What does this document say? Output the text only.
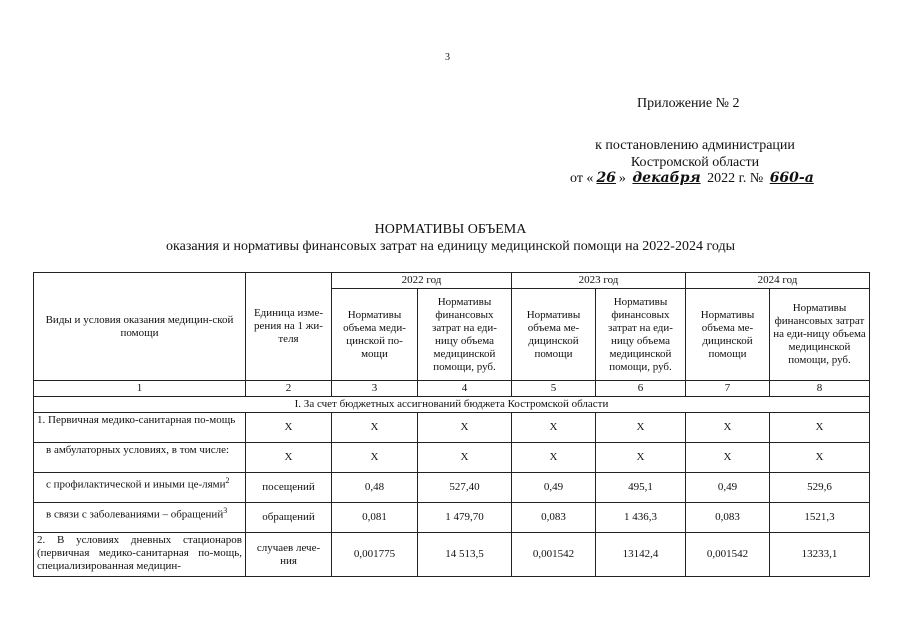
3
Приложение № 2
к постановлению администрации
Костромской области
от « 26 » декабря 2022 г. № 660-а
НОРМАТИВЫ ОБЪЕМА
оказания и нормативы финансовых затрат на единицу медицинской помощи на 2022-2024 годы
Виды и условия оказания медицин-ской помощи	Единица изме-рения на 1 жи-теля	2022 год		2023 год		2024 год	
		Нормативы объема меди-цинской по-мощи	Нормативы финансовых затрат на еди-ницу объема медицинской помощи, руб.	Нормативы объема ме-дицинской помощи	Нормативы финансовых затрат на еди-ницу объема медицинской помощи, руб.	Нормативы объема ме-дицинской помощи	Нормативы финансовых затрат на еди-ницу объема медицинской помощи, руб.
1	2	3	4	5	6	7	8
I. За счет бюджетных ассигнований бюджета Костромской области							
1. Первичная медико-санитарная по-мощь	Х	Х	Х	Х	Х	Х	Х
в амбулаторных условиях, в том числе:	Х	Х	Х	Х	Х	Х	Х
с профилактической и иными це-лями$^2$	посещений	0,48	527,40	0,49	495,1	0,49	529,6
в связи с заболеваниями – обращений$^3$	обращений	0,081	1 479,70	0,083	1 436,3	0,083	1521,3
2. В условиях дневных стационаров (первичная медико-санитарная по-мощь, специализированная медицин-	случаев лече-ния	0,001775	14 513,5	0,001542	13142,4	0,001542	13233,1
